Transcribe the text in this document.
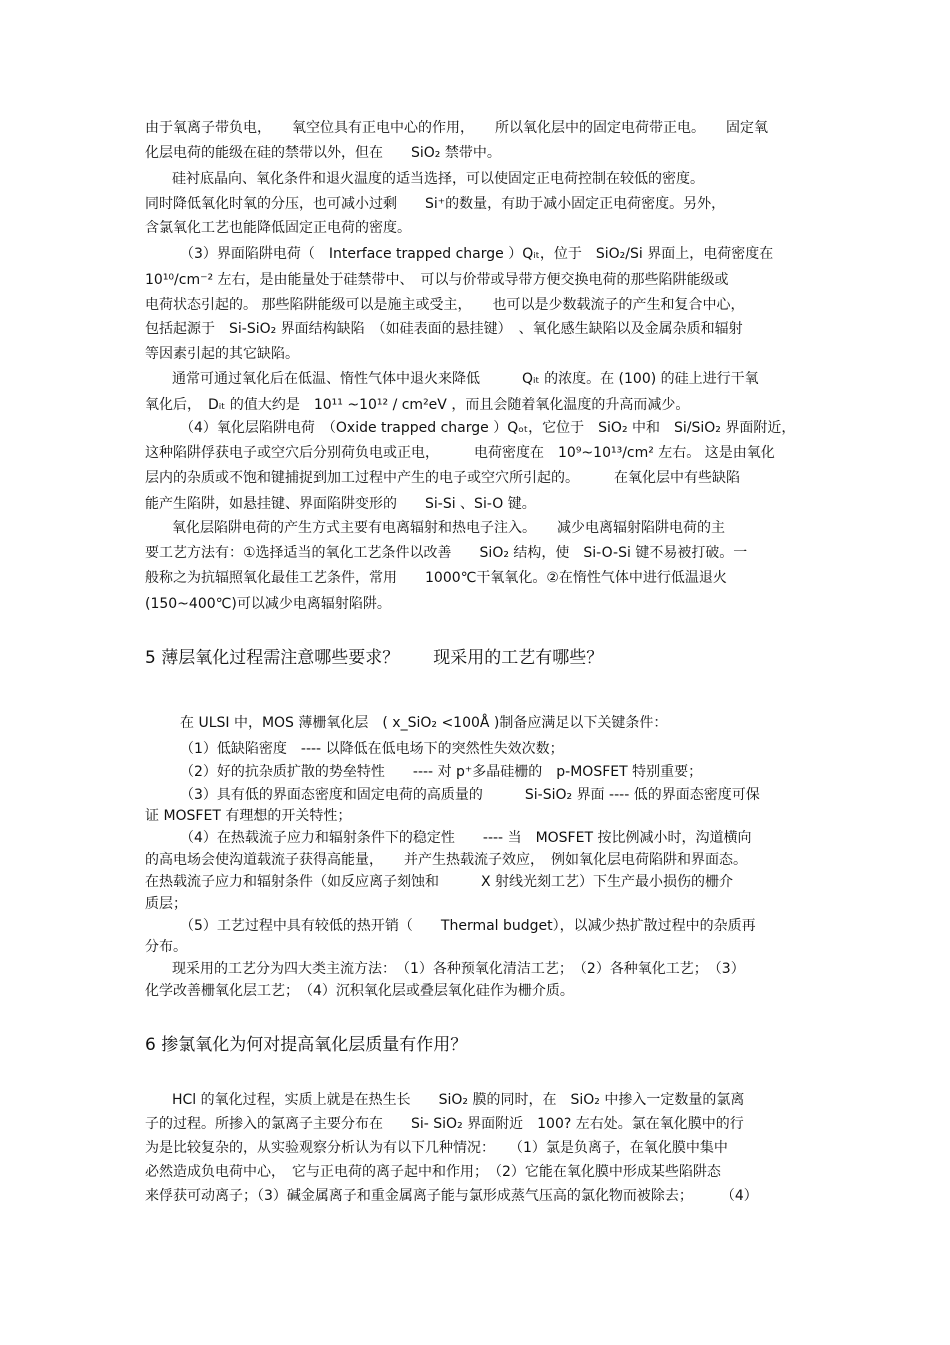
由于氧离子带负电，　　氧空位具有正电中心的作用，　　所以氧化层中的固定电荷带正电。　　固定氧
化层电荷的能级在硅的禁带以外，但在　　SiO₂ 禁带中。
硅衬底晶向、氧化条件和退火温度的适当选择，可以使固定正电荷控制在较低的密度。
同时降低氧化时氧的分压，也可减小过剩　　Si⁺的数量，有助于减小固定正电荷密度。另外，
含氯氧化工艺也能降低固定正电荷的密度。
（3）界面陷阱电荷（　Interface trapped charge ）Qᵢₜ，位于　SiO₂/Si 界面上，电荷密度在
10¹⁰/cm⁻² 左右，是由能量处于硅禁带中、　可以与价带或导带方便交换电荷的那些陷阱能级或
电荷状态引起的。 那些陷阱能级可以是施主或受主，　　也可以是少数载流子的产生和复合中心，
包括起源于　Si-SiO₂ 界面结构缺陷　（如硅表面的悬挂键）　、氧化感生缺陷以及金属杂质和辐射
等因素引起的其它缺陷。
通常可通过氧化后在低温、惰性气体中退火来降低　　　Qᵢₜ 的浓度。在 (100) 的硅上进行干氧
氧化后，　Dᵢₜ 的值大约是　10¹¹ ~10¹² / cm²eV ，而且会随着氧化温度的升高而减少。
（4）氧化层陷阱电荷　（Oxide trapped charge ）Qₒₜ，它位于　SiO₂ 中和　Si/SiO₂ 界面附近，
这种陷阱俘获电子或空穴后分别荷负电或正电，　　　电荷密度在　10⁹~10¹³/cm² 左右。 这是由氧化
层内的杂质或不饱和键捕捉到加工过程中产生的电子或空穴所引起的。　　　在氧化层中有些缺陷
能产生陷阱，如悬挂键、界面陷阱变形的　　Si-Si 、Si-O 键。
氧化层陷阱电荷的产生方式主要有电离辐射和热电子注入。　　减少电离辐射陷阱电荷的主
要工艺方法有：①选择适当的氧化工艺条件以改善　　SiO₂ 结构，使　Si-O-Si 键不易被打破。一
般称之为抗辐照氧化最佳工艺条件，常用　　1000℃干氧氧化。②在惰性气体中进行低温退火
(150~400℃)可以减少电离辐射陷阱。
5 薄层氧化过程需注意哪些要求？　　现采用的工艺有哪些？
在 ULSI 中，MOS 薄栅氧化层　( x_SiO₂ <100Å )制备应满足以下关键条件：
（1）低缺陷密度　---- 以降低在低电场下的突然性失效次数；
（2）好的抗杂质扩散的势垒特性　　---- 对 p⁺多晶硅栅的　p-MOSFET 特别重要；
（3）具有低的界面态密度和固定电荷的高质量的　　　Si-SiO₂ 界面 ---- 低的界面态密度可保
证 MOSFET 有理想的开关特性；
（4）在热载流子应力和辐射条件下的稳定性　　---- 当　MOSFET 按比例减小时，沟道横向
的高电场会使沟道载流子获得高能量，　　并产生热载流子效应，　例如氧化层电荷陷阱和界面态。
在热载流子应力和辐射条件（如反应离子刻蚀和　　　X 射线光刻工艺）下生产最小损伤的栅介
质层；
（5）工艺过程中具有较低的热开销（　　Thermal budget），以减少热扩散过程中的杂质再
分布。
现采用的工艺分为四大类主流方法：　（1）各种预氧化清洁工艺；　（2）各种氧化工艺；　（3）
化学改善栅氧化层工艺；　（4）沉积氧化层或叠层氧化硅作为栅介质。
6 掺氯氧化为何对提高氧化层质量有作用？
HCl 的氧化过程，实质上就是在热生长　　SiO₂ 膜的同时，在　SiO₂ 中掺入一定数量的氯离
子的过程。所掺入的氯离子主要分布在　　Si- SiO₂ 界面附近　100? 左右处。氯在氧化膜中的行
为是比较复杂的，从实验观察分析认为有以下几种情况：　　（1）氯是负离子，在氧化膜中集中
必然造成负电荷中心，　它与正电荷的离子起中和作用；　（2）它能在氧化膜中形成某些陷阱态
来俘获可动离子；（3）碱金属离子和重金属离子能与氯形成蒸气压高的氯化物而被除去；　　　（4）
